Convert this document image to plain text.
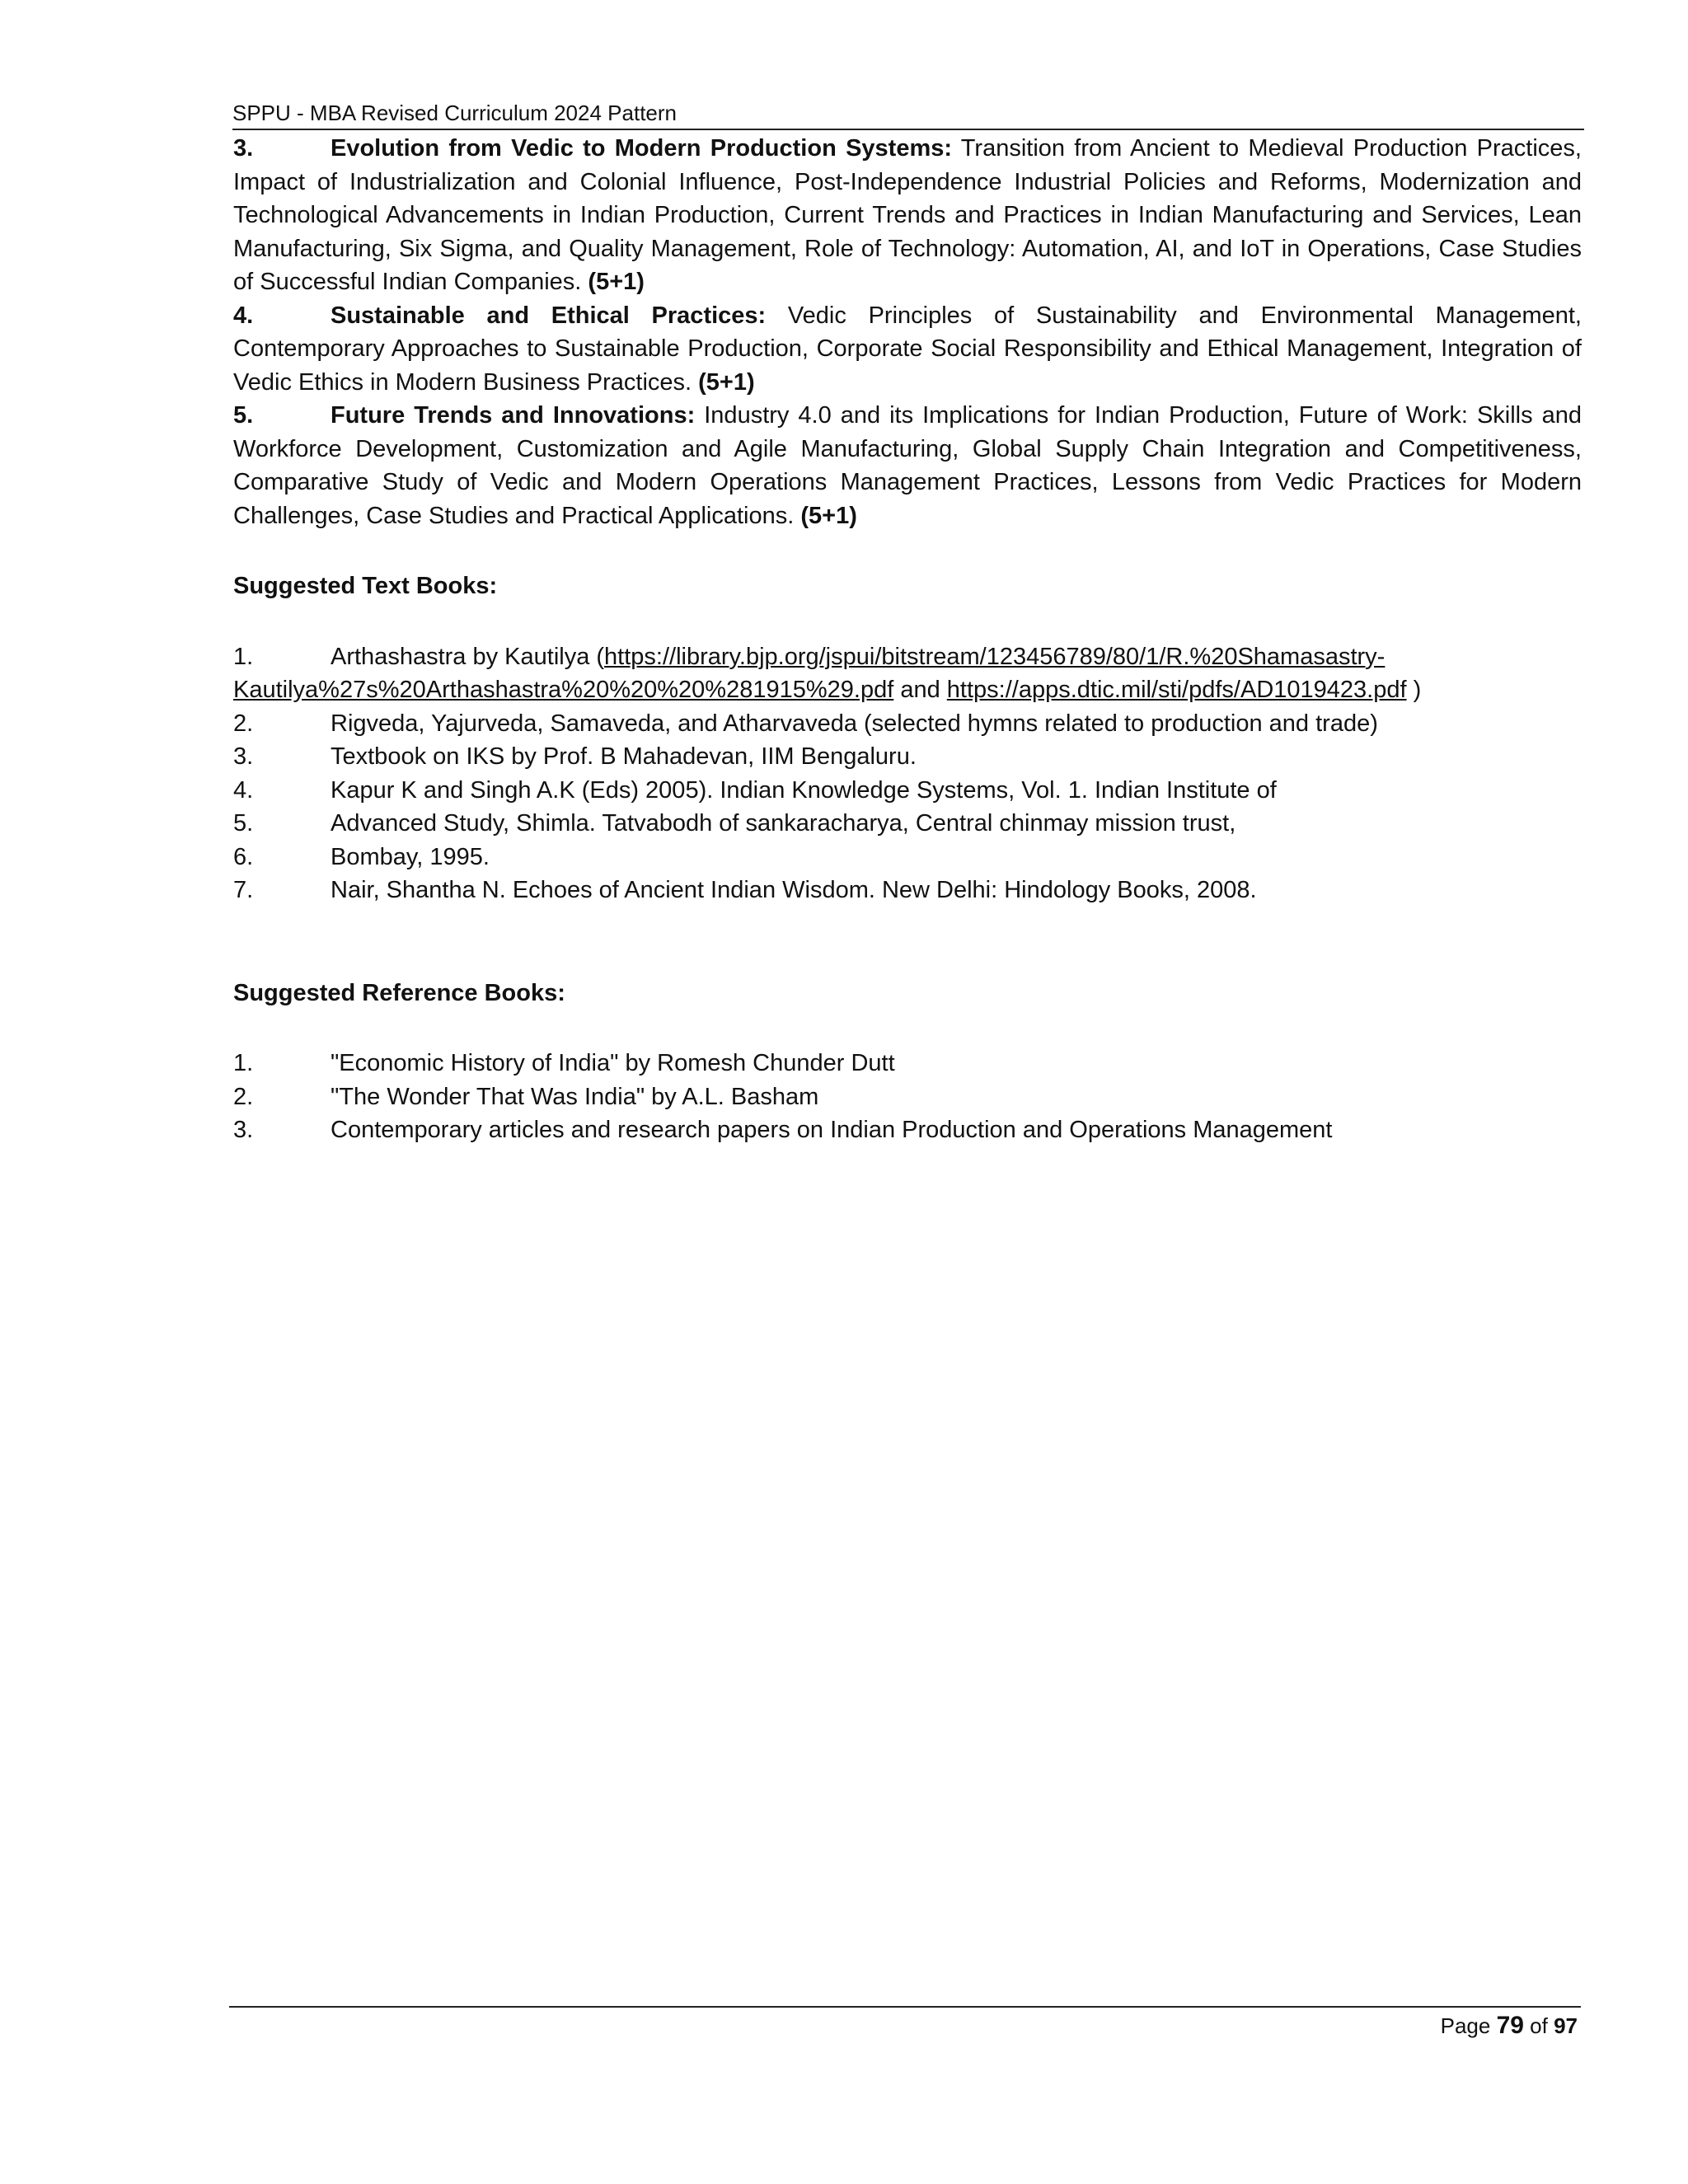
SPPU - MBA Revised Curriculum 2024 Pattern
3.	Evolution from Vedic to Modern Production Systems: Transition from Ancient to Medieval Production Practices, Impact of Industrialization and Colonial Influence, Post-Independence Industrial Policies and Reforms, Modernization and Technological Advancements in Indian Production, Current Trends and Practices in Indian Manufacturing and Services, Lean Manufacturing, Six Sigma, and Quality Management, Role of Technology: Automation, AI, and IoT in Operations, Case Studies of Successful Indian Companies. (5+1)
4.	Sustainable and Ethical Practices: Vedic Principles of Sustainability and Environmental Management, Contemporary Approaches to Sustainable Production, Corporate Social Responsibility and Ethical Management, Integration of Vedic Ethics in Modern Business Practices. (5+1)
5.	Future Trends and Innovations: Industry 4.0 and its Implications for Indian Production, Future of Work: Skills and Workforce Development, Customization and Agile Manufacturing, Global Supply Chain Integration and Competitiveness, Comparative Study of Vedic and Modern Operations Management Practices, Lessons from Vedic Practices for Modern Challenges, Case Studies and Practical Applications. (5+1)
Suggested Text Books:
1.	Arthashastra by Kautilya (https://library.bjp.org/jspui/bitstream/123456789/80/1/R.%20Shamasastry-Kautilya%27s%20Arthashastra%20%20%20%281915%29.pdf and https://apps.dtic.mil/sti/pdfs/AD1019423.pdf )
2.	Rigveda, Yajurveda, Samaveda, and Atharvaveda (selected hymns related to production and trade)
3.	Textbook on IKS by Prof. B Mahadevan, IIM Bengaluru.
4.	Kapur K and Singh A.K (Eds) 2005). Indian Knowledge Systems, Vol. 1. Indian Institute of
5.	Advanced Study, Shimla. Tatvabodh of sankaracharya, Central chinmay mission trust,
6.	Bombay, 1995.
7.	Nair, Shantha N. Echoes of Ancient Indian Wisdom. New Delhi: Hindology Books, 2008.
Suggested Reference Books:
1.	"Economic History of India" by Romesh Chunder Dutt
2.	"The Wonder That Was India" by A.L. Basham
3.	Contemporary articles and research papers on Indian Production and Operations Management
Page 79 of 97
